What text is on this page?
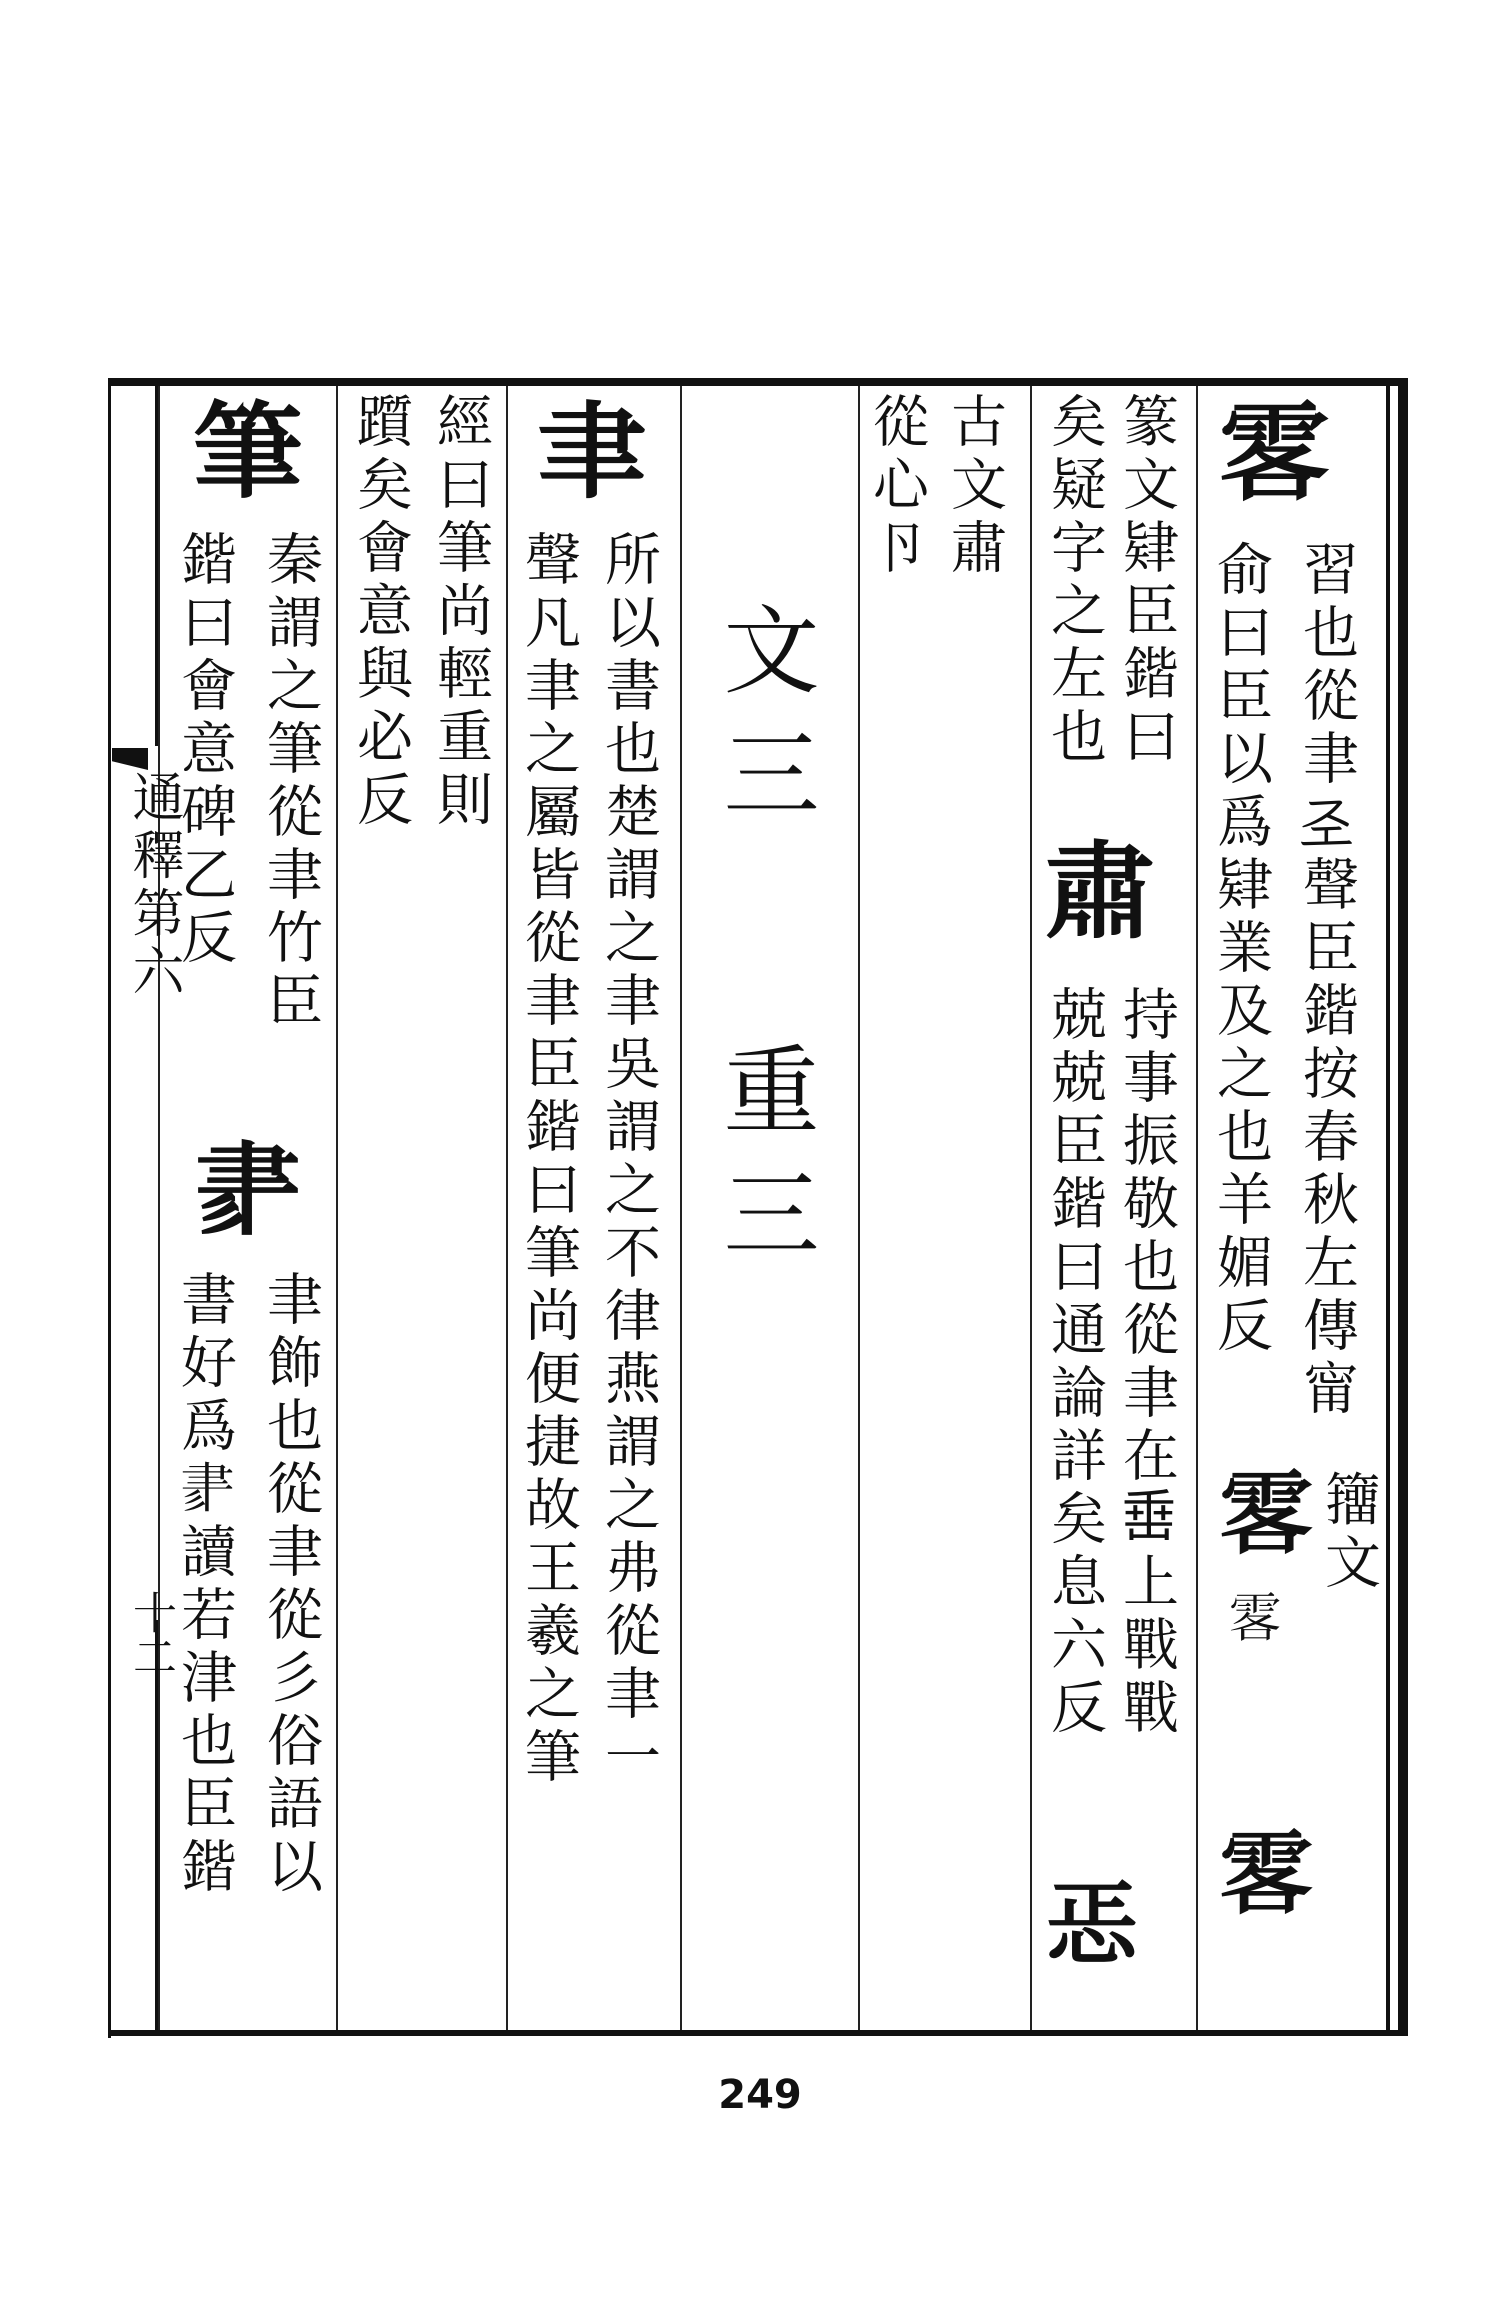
通釋第六
十二
𩂣
習也從聿𢀖聲臣鍇按春秋左傳甯
俞曰臣以爲肄業及之也羊媚反
𩂣 籒文
𩂣
𩂣
篆文肄臣鍇曰
矣疑字之左也
肅
持事振敬也從聿在𡸁上戰戰
兢兢臣鍇曰通論詳矣息六反
𢘫
古文肅
從心卪
文三
重三
聿
所以書也楚謂之聿吳謂之不律燕謂之弗從聿一
聲凡聿之屬皆從聿臣鍇曰筆尚便捷故王羲之筆
經曰筆尚輕重則
躓矣會意與必反
筆
秦謂之筆從聿竹臣
鍇曰會意碑乙反
𦘔
聿飾也從聿從彡俗語以
書好爲𦘔讀若津也臣鍇
249
